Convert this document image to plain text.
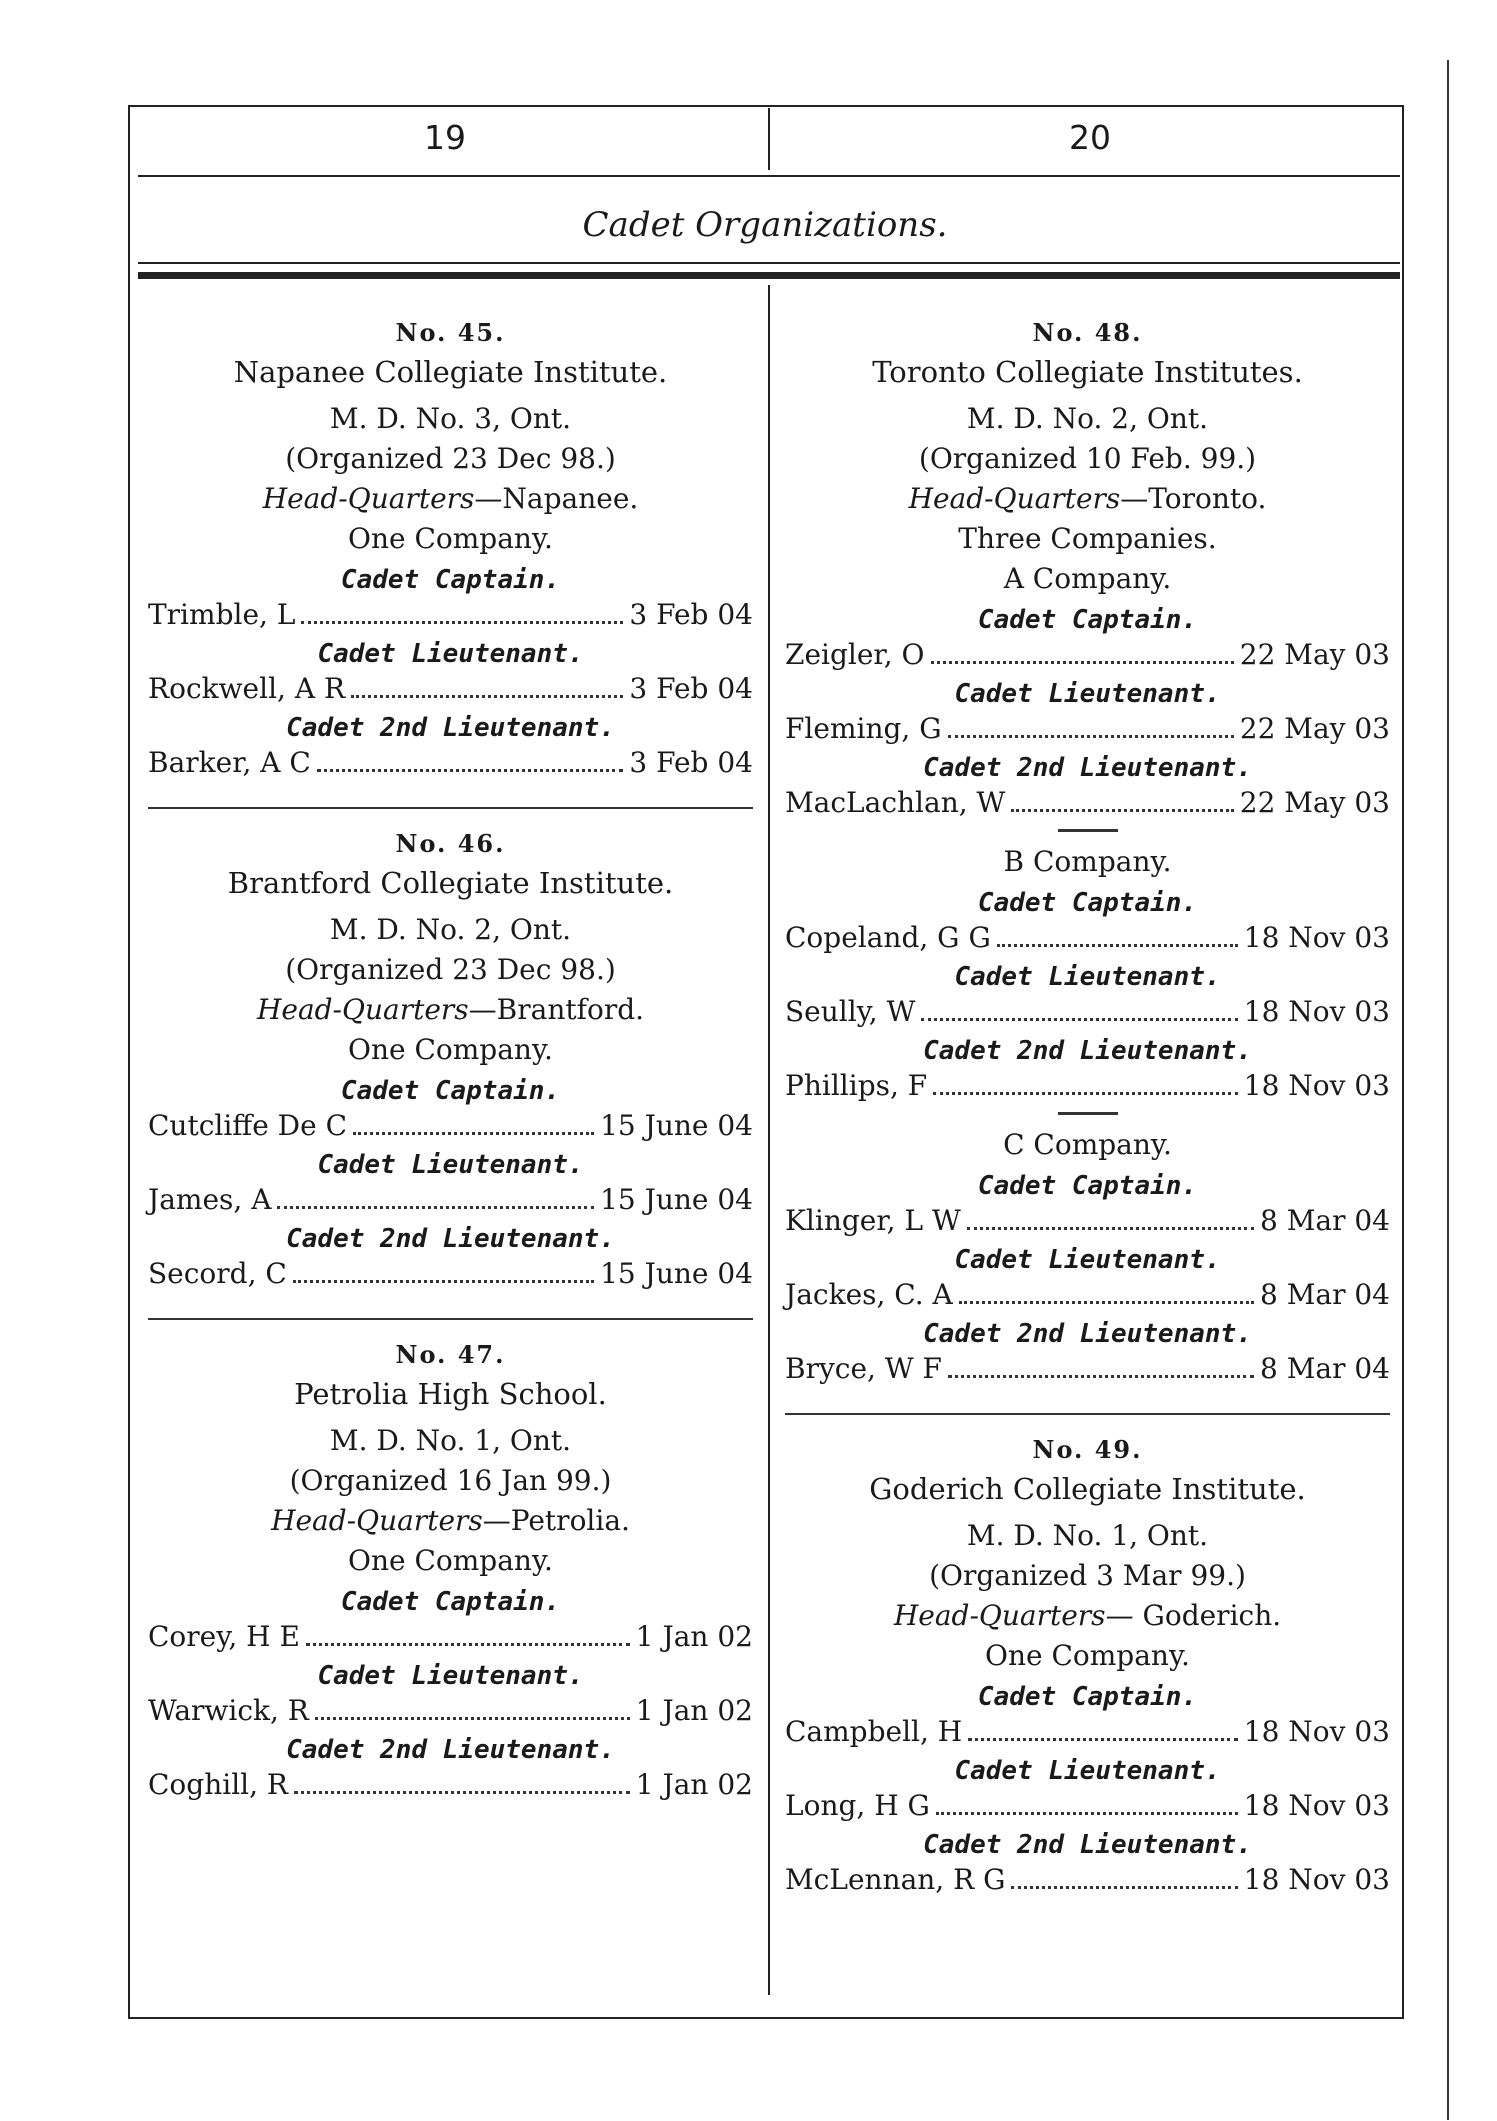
19	20
Cadet Organizations.
No. 45.
Napanee Collegiate Institute.
M. D. No. 3, Ont.
(Organized 23 Dec 98.)
Head-Quarters—Napanee.
One Company.
Cadet Captain.
Trimble, L	3 Feb 04
Cadet Lieutenant.
Rockwell, A R	3 Feb 04
Cadet 2nd Lieutenant.
Barker, A C	3 Feb 04
No. 46.
Brantford Collegiate Institute.
M. D. No. 2, Ont.
(Organized 23 Dec 98.)
Head-Quarters—Brantford.
One Company.
Cadet Captain.
Cutcliffe De C	15 June 04
Cadet Lieutenant.
James, A	15 June 04
Cadet 2nd Lieutenant.
Secord, C	15 June 04
No. 47.
Petrolia High School.
M. D. No. 1, Ont.
(Organized 16 Jan 99.)
Head-Quarters—Petrolia.
One Company.
Cadet Captain.
Corey, H E	1 Jan 02
Cadet Lieutenant.
Warwick, R	1 Jan 02
Cadet 2nd Lieutenant.
Coghill, R	1 Jan 02
No. 48.
Toronto Collegiate Institutes.
M. D. No. 2, Ont.
(Organized 10 Feb. 99.)
Head-Quarters—Toronto.
Three Companies.
A Company.
Cadet Captain.
Zeigler, O	22 May 03
Cadet Lieutenant.
Fleming, G	22 May 03
Cadet 2nd Lieutenant.
MacLachlan, W	22 May 03
B Company.
Cadet Captain.
Copeland, G G	18 Nov 03
Cadet Lieutenant.
Seully, W	18 Nov 03
Cadet 2nd Lieutenant.
Phillips, F	18 Nov 03
C Company.
Cadet Captain.
Klinger, L W	8 Mar 04
Cadet Lieutenant.
Jackes, C. A	8 Mar 04
Cadet 2nd Lieutenant.
Bryce, W F	8 Mar 04
No. 49.
Goderich Collegiate Institute.
M. D. No. 1, Ont.
(Organized 3 Mar 99.)
Head-Quarters— Goderich.
One Company.
Cadet Captain.
Campbell, H	18 Nov 03
Cadet Lieutenant.
Long, H G	18 Nov 03
Cadet 2nd Lieutenant.
McLennan, R G	18 Nov 03
